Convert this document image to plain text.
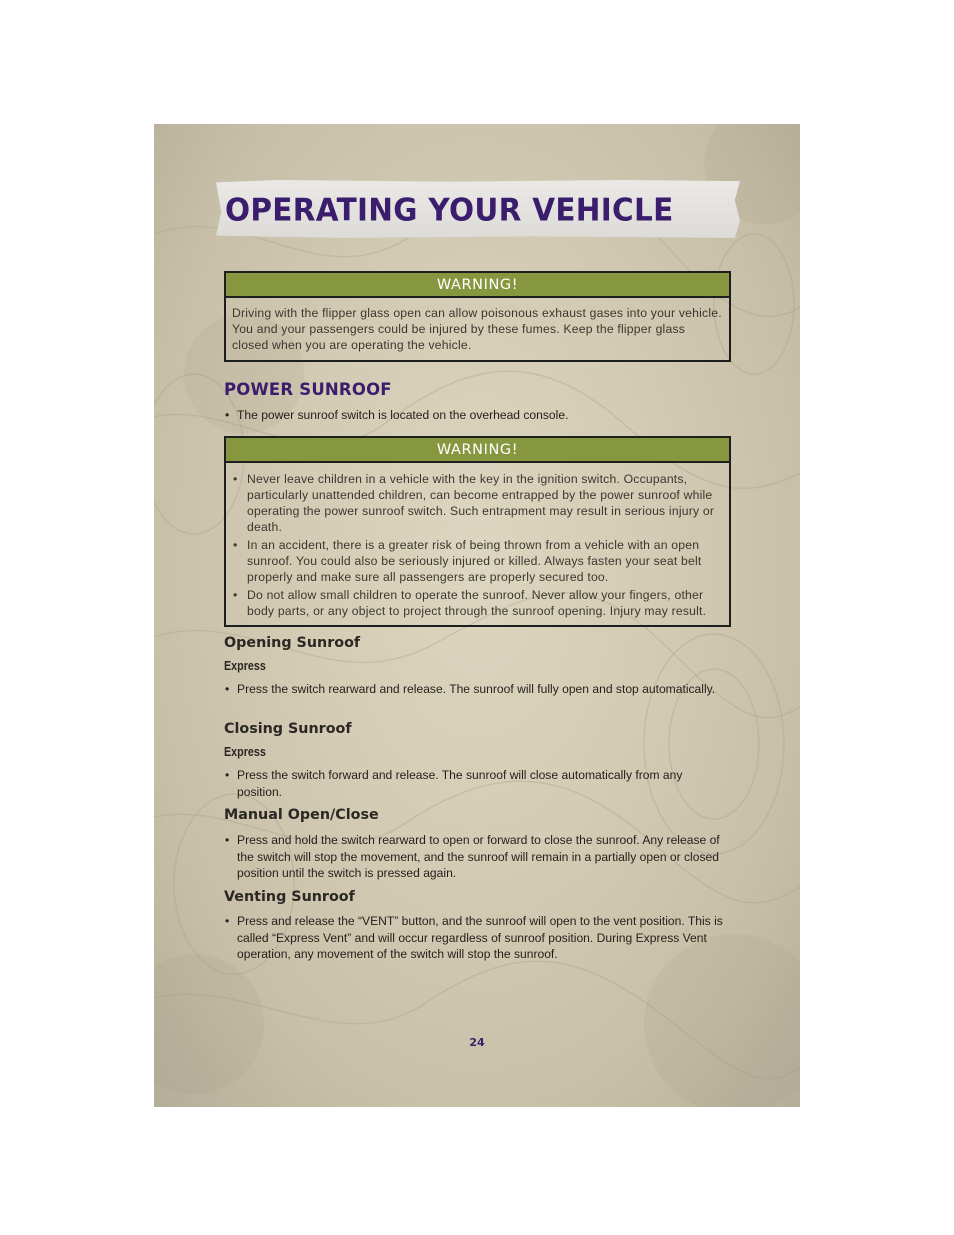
OPERATING YOUR VEHICLE
WARNING!
Driving with the flipper glass open can allow poisonous exhaust gases into your vehicle. You and your passengers could be injured by these fumes. Keep the flipper glass closed when you are operating the vehicle.
POWER SUNROOF

• The power sunroof switch is located on the overhead console.

WARNING!
• Never leave children in a vehicle with the key in the ignition switch. Occupants, particularly unattended children, can become entrapped by the power sunroof while operating the power sunroof switch. Such entrapment may result in serious injury or death.
• In an accident, there is a greater risk of being thrown from a vehicle with an open sunroof. You could also be seriously injured or killed. Always fasten your seat belt properly and make sure all passengers are properly secured too.
• Do not allow small children to operate the sunroof. Never allow your fingers, other body parts, or any object to project through the sunroof opening. Injury may result.
Opening Sunroof
Express

• Press the switch rearward and release. The sunroof will fully open and stop automatically.

Closing Sunroof
Express

• Press the switch forward and release. The sunroof will close automatically from any position.

Manual Open/Close

• Press and hold the switch rearward to open or forward to close the sunroof. Any release of the switch will stop the movement, and the sunroof will remain in a partially open or closed position until the switch is pressed again.

Venting Sunroof

• Press and release the “VENT” button, and the sunroof will open to the vent position. This is called “Express Vent” and will occur regardless of sunroof position. During Express Vent operation, any movement of the switch will stop the sunroof.

24
